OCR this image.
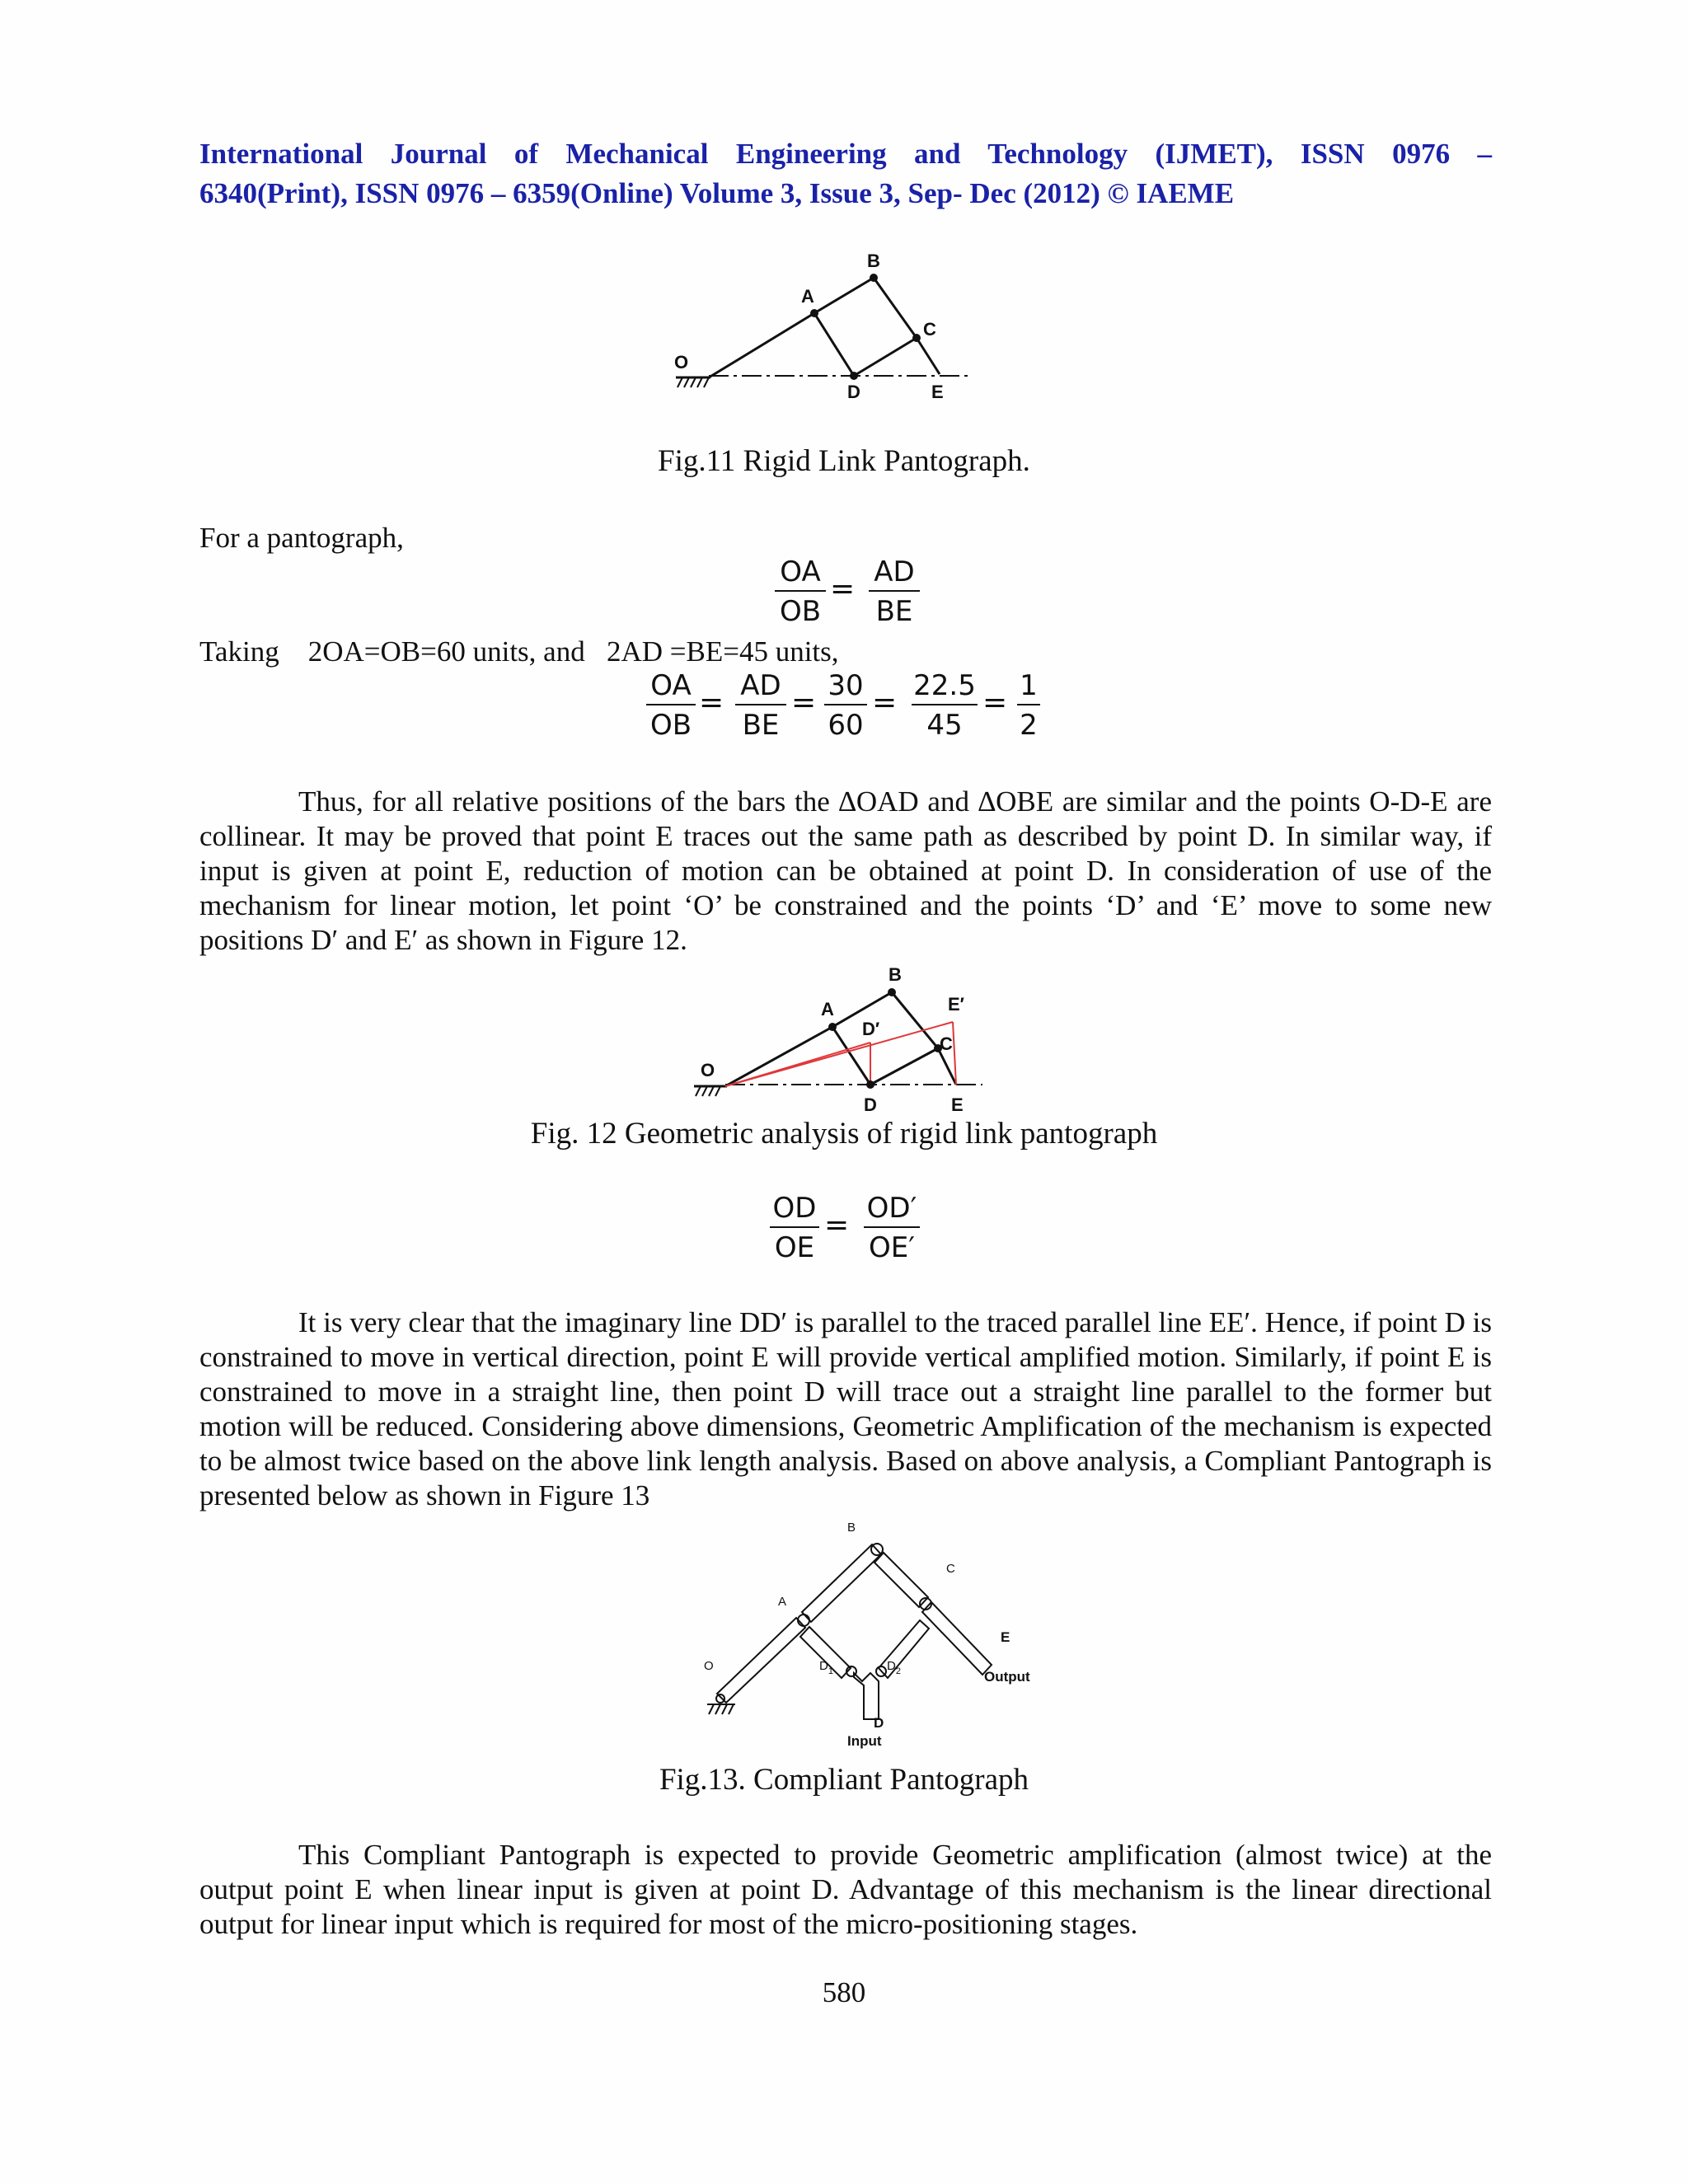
International Journal of Mechanical Engineering and Technology (IJMET), ISSN 0976 –
6340(Print), ISSN 0976 – 6359(Online) Volume 3, Issue 3, Sep- Dec (2012) © IAEME
O
A
B
C
D	E
Fig.11 Rigid Link Pantograph.
For a pantograph,
$\frac{OA}{OB} = \frac{AD}{BE}$
Taking    2OA=OB=60 units, and   2AD =BE=45 units,
$\frac{OA}{OB} = \frac{AD}{BE} = \frac{30}{60} = \frac{22.5}{45} = \frac{1}{2}$
Thus, for all relative positions of the bars the ∆OAD and ∆OBE are similar and the points O-D-E are collinear. It may be proved that point E traces out the same path as described by point D. In similar way, if input is given at point E, reduction of motion can be obtained at point D. In consideration of use of the mechanism for linear motion, let point ‘O’ be constrained and the points ‘D’ and ‘E’ move to some new positions D′ and E′ as shown in Figure 12.
O
A
B
C
D	E
D′
E′
Fig. 12 Geometric analysis of rigid link pantograph
$\frac{OD}{OE} = \frac{OD'}{OE'}$
It is very clear that the imaginary line DD′ is parallel to the traced parallel line EE′. Hence, if point D is constrained to move in vertical direction, point E will provide vertical amplified motion. Similarly, if point E is constrained to move in a straight line, then point D will trace out a straight line parallel to the former but motion will be reduced. Considering above dimensions, Geometric Amplification of the mechanism is expected to be almost twice based on the above link length analysis. Based on above analysis, a Compliant Pantograph is presented below as shown in Figure 13
O
A
B
C
$D_1$	$D_2$
D
Input
E
Output
Fig.13. Compliant Pantograph
This Compliant Pantograph is expected to provide Geometric amplification (almost twice) at the output point E when linear input is given at point D. Advantage of this mechanism is the linear directional output for linear input which is required for most of the micro-positioning stages.
580
